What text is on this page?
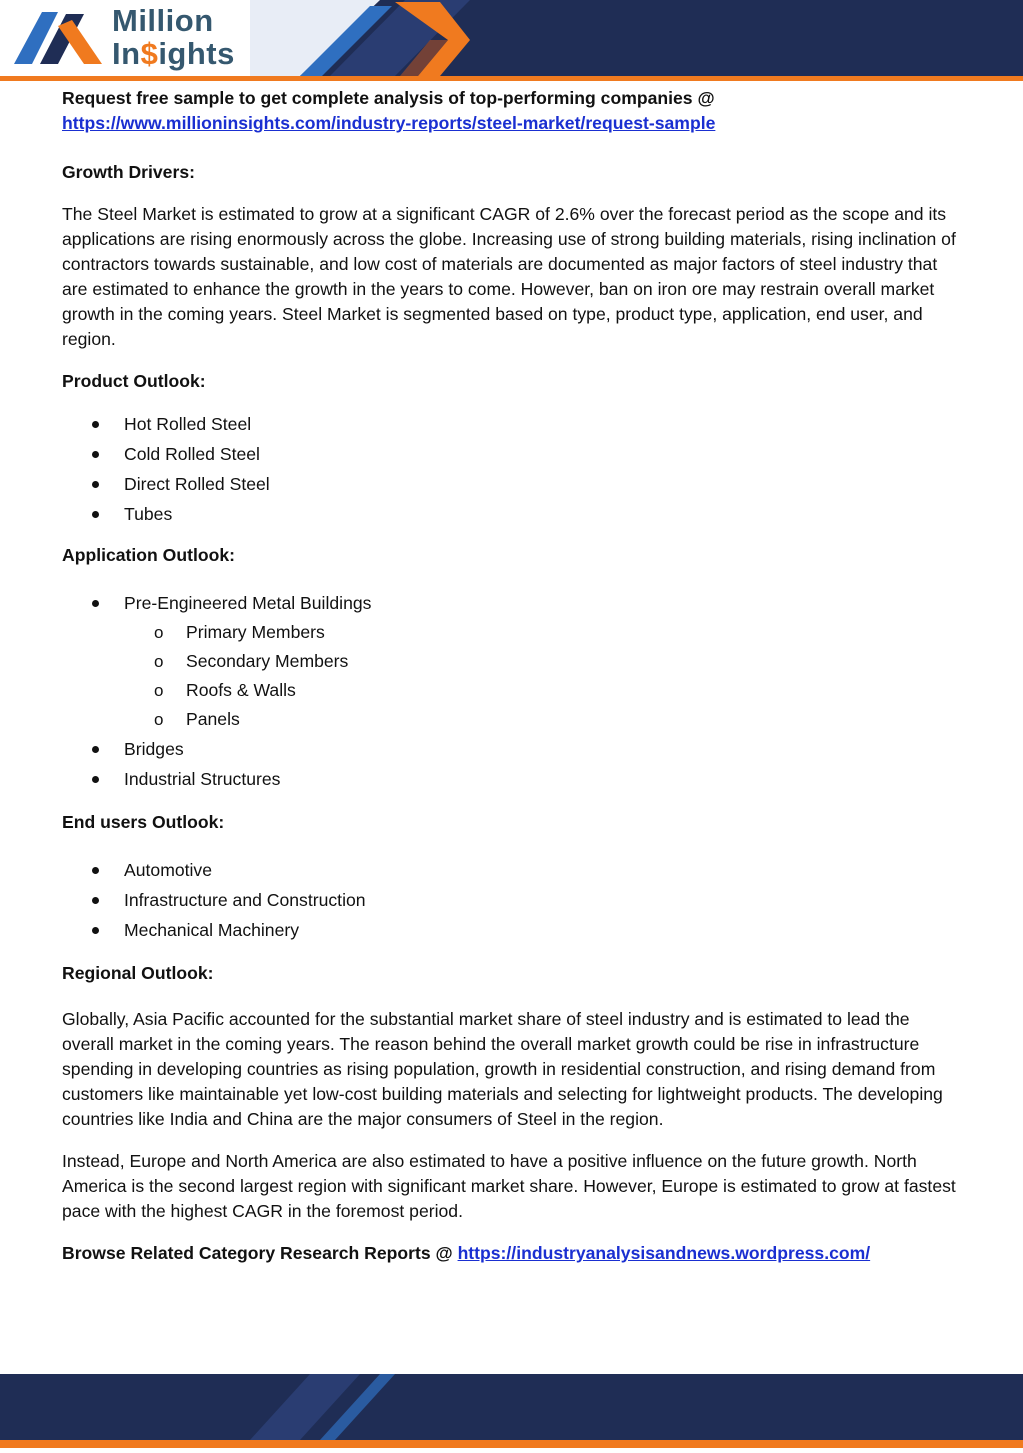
Million
In$ights

Request free sample to get complete analysis of top-performing companies @

https://www.millioninsights.com/industry-reports/steel-market/request-sample

Growth Drivers:

The Steel Market is estimated to grow at a significant CAGR of 2.6% over the forecast period as the scope and its applications are rising enormously across the globe. Increasing use of strong building materials, rising inclination of contractors towards sustainable, and low cost of materials are documented as major factors of steel industry that are estimated to enhance the growth in the years to come. However, ban on iron ore may restrain overall market growth in the coming years. Steel Market is segmented based on type, product type, application, end user, and region.

Product Outlook:

Hot Rolled Steel
Cold Rolled Steel
Direct Rolled Steel
Tubes

Application Outlook:

Pre-Engineered Metal Buildings
o Primary Members
o Secondary Members
o Roofs & Walls
o Panels
Bridges
Industrial Structures

End users Outlook:

Automotive
Infrastructure and Construction
Mechanical Machinery

Regional Outlook:

Globally, Asia Pacific accounted for the substantial market share of steel industry and is estimated to lead the overall market in the coming years. The reason behind the overall market growth could be rise in infrastructure spending in developing countries as rising population, growth in residential construction, and rising demand from customers like maintainable yet low-cost building materials and selecting for lightweight products. The developing countries like India and China are the major consumers of Steel in the region.

Instead, Europe and North America are also estimated to have a positive influence on the future growth. North America is the second largest region with significant market share. However, Europe is estimated to grow at fastest pace with the highest CAGR in the foremost period.

Browse Related Category Research Reports @ https://industryanalysisandnews.wordpress.com/
